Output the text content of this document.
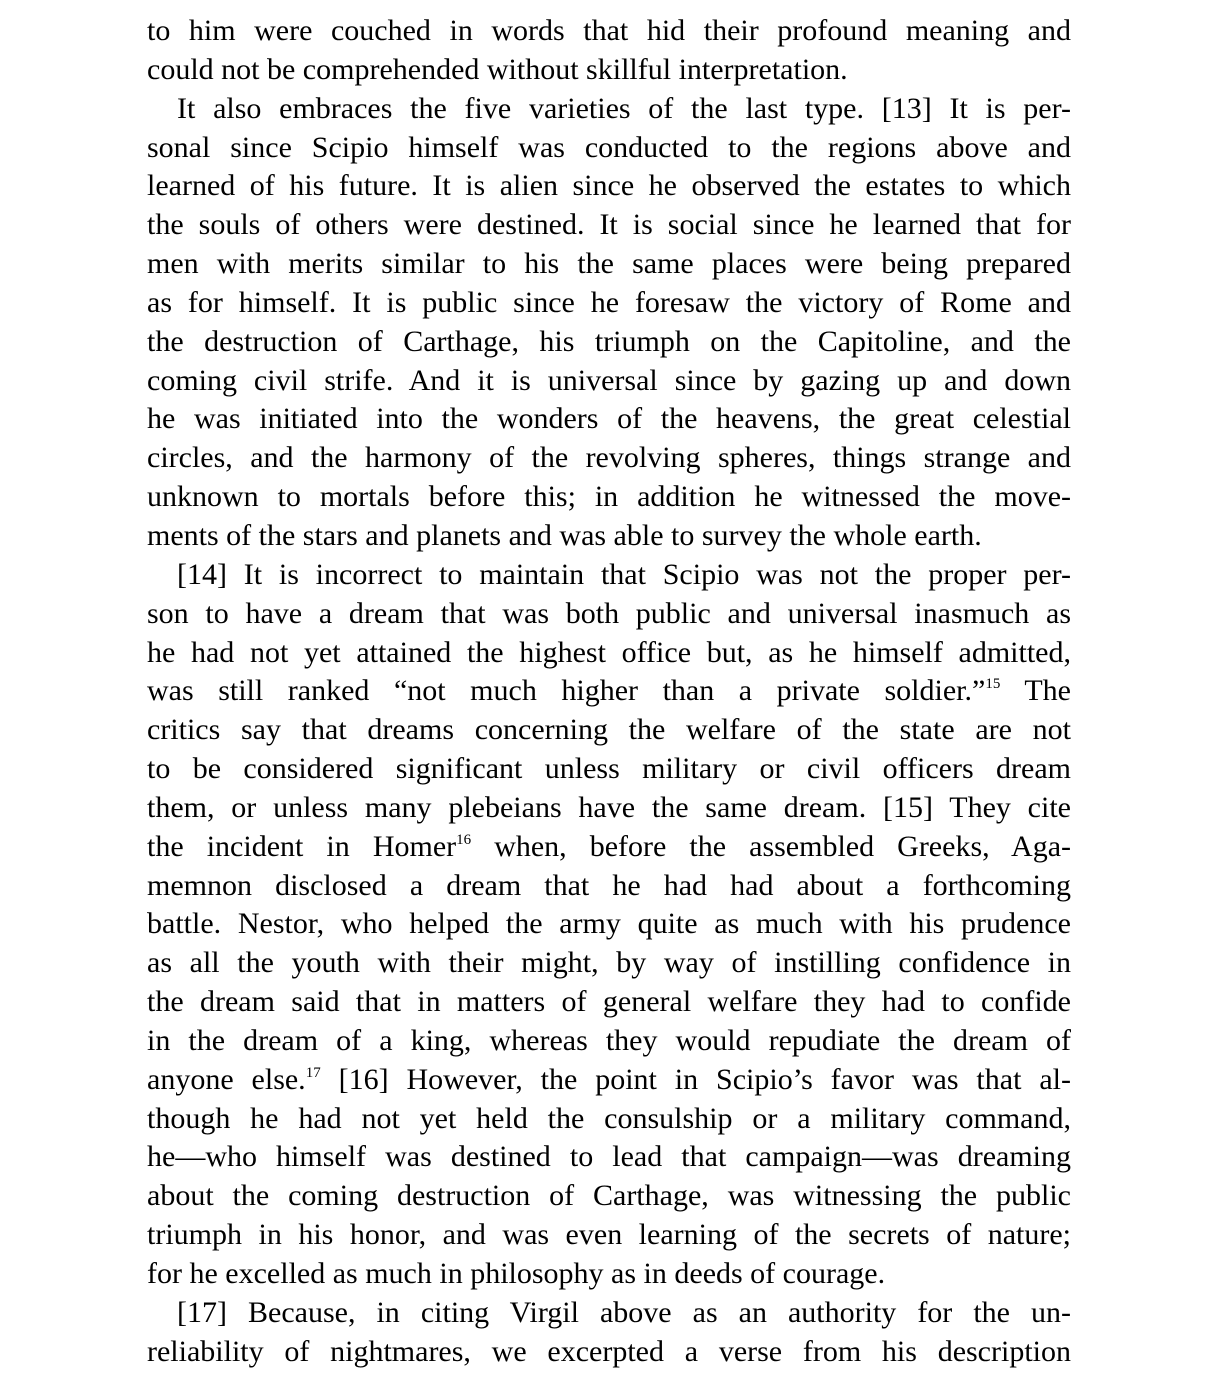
to him were couched in words that hid their profound meaning and
could not be comprehended without skillful interpretation.
It also embraces the five varieties of the last type. [13] It is per-
sonal since Scipio himself was conducted to the regions above and
learned of his future. It is alien since he observed the estates to which
the souls of others were destined. It is social since he learned that for
men with merits similar to his the same places were being prepared
as for himself. It is public since he foresaw the victory of Rome and
the destruction of Carthage, his triumph on the Capitoline, and the
coming civil strife. And it is universal since by gazing up and down
he was initiated into the wonders of the heavens, the great celestial
circles, and the harmony of the revolving spheres, things strange and
unknown to mortals before this; in addition he witnessed the move-
ments of the stars and planets and was able to survey the whole earth.
[14] It is incorrect to maintain that Scipio was not the proper per-
son to have a dream that was both public and universal inasmuch as
he had not yet attained the highest office but, as he himself admitted,
was still ranked “not much higher than a private soldier.”$^{15}$ The
critics say that dreams concerning the welfare of the state are not
to be considered significant unless military or civil officers dream
them, or unless many plebeians have the same dream. [15] They cite
the incident in Homer$^{16}$ when, before the assembled Greeks, Aga-
memnon disclosed a dream that he had had about a forthcoming
battle. Nestor, who helped the army quite as much with his prudence
as all the youth with their might, by way of instilling confidence in
the dream said that in matters of general welfare they had to confide
in the dream of a king, whereas they would repudiate the dream of
anyone else.$^{17}$ [16] However, the point in Scipio’s favor was that al-
though he had not yet held the consulship or a military command,
he—who himself was destined to lead that campaign—was dreaming
about the coming destruction of Carthage, was witnessing the public
triumph in his honor, and was even learning of the secrets of nature;
for he excelled as much in philosophy as in deeds of courage.
[17] Because, in citing Virgil above as an authority for the un-
reliability of nightmares, we excerpted a verse from his description
